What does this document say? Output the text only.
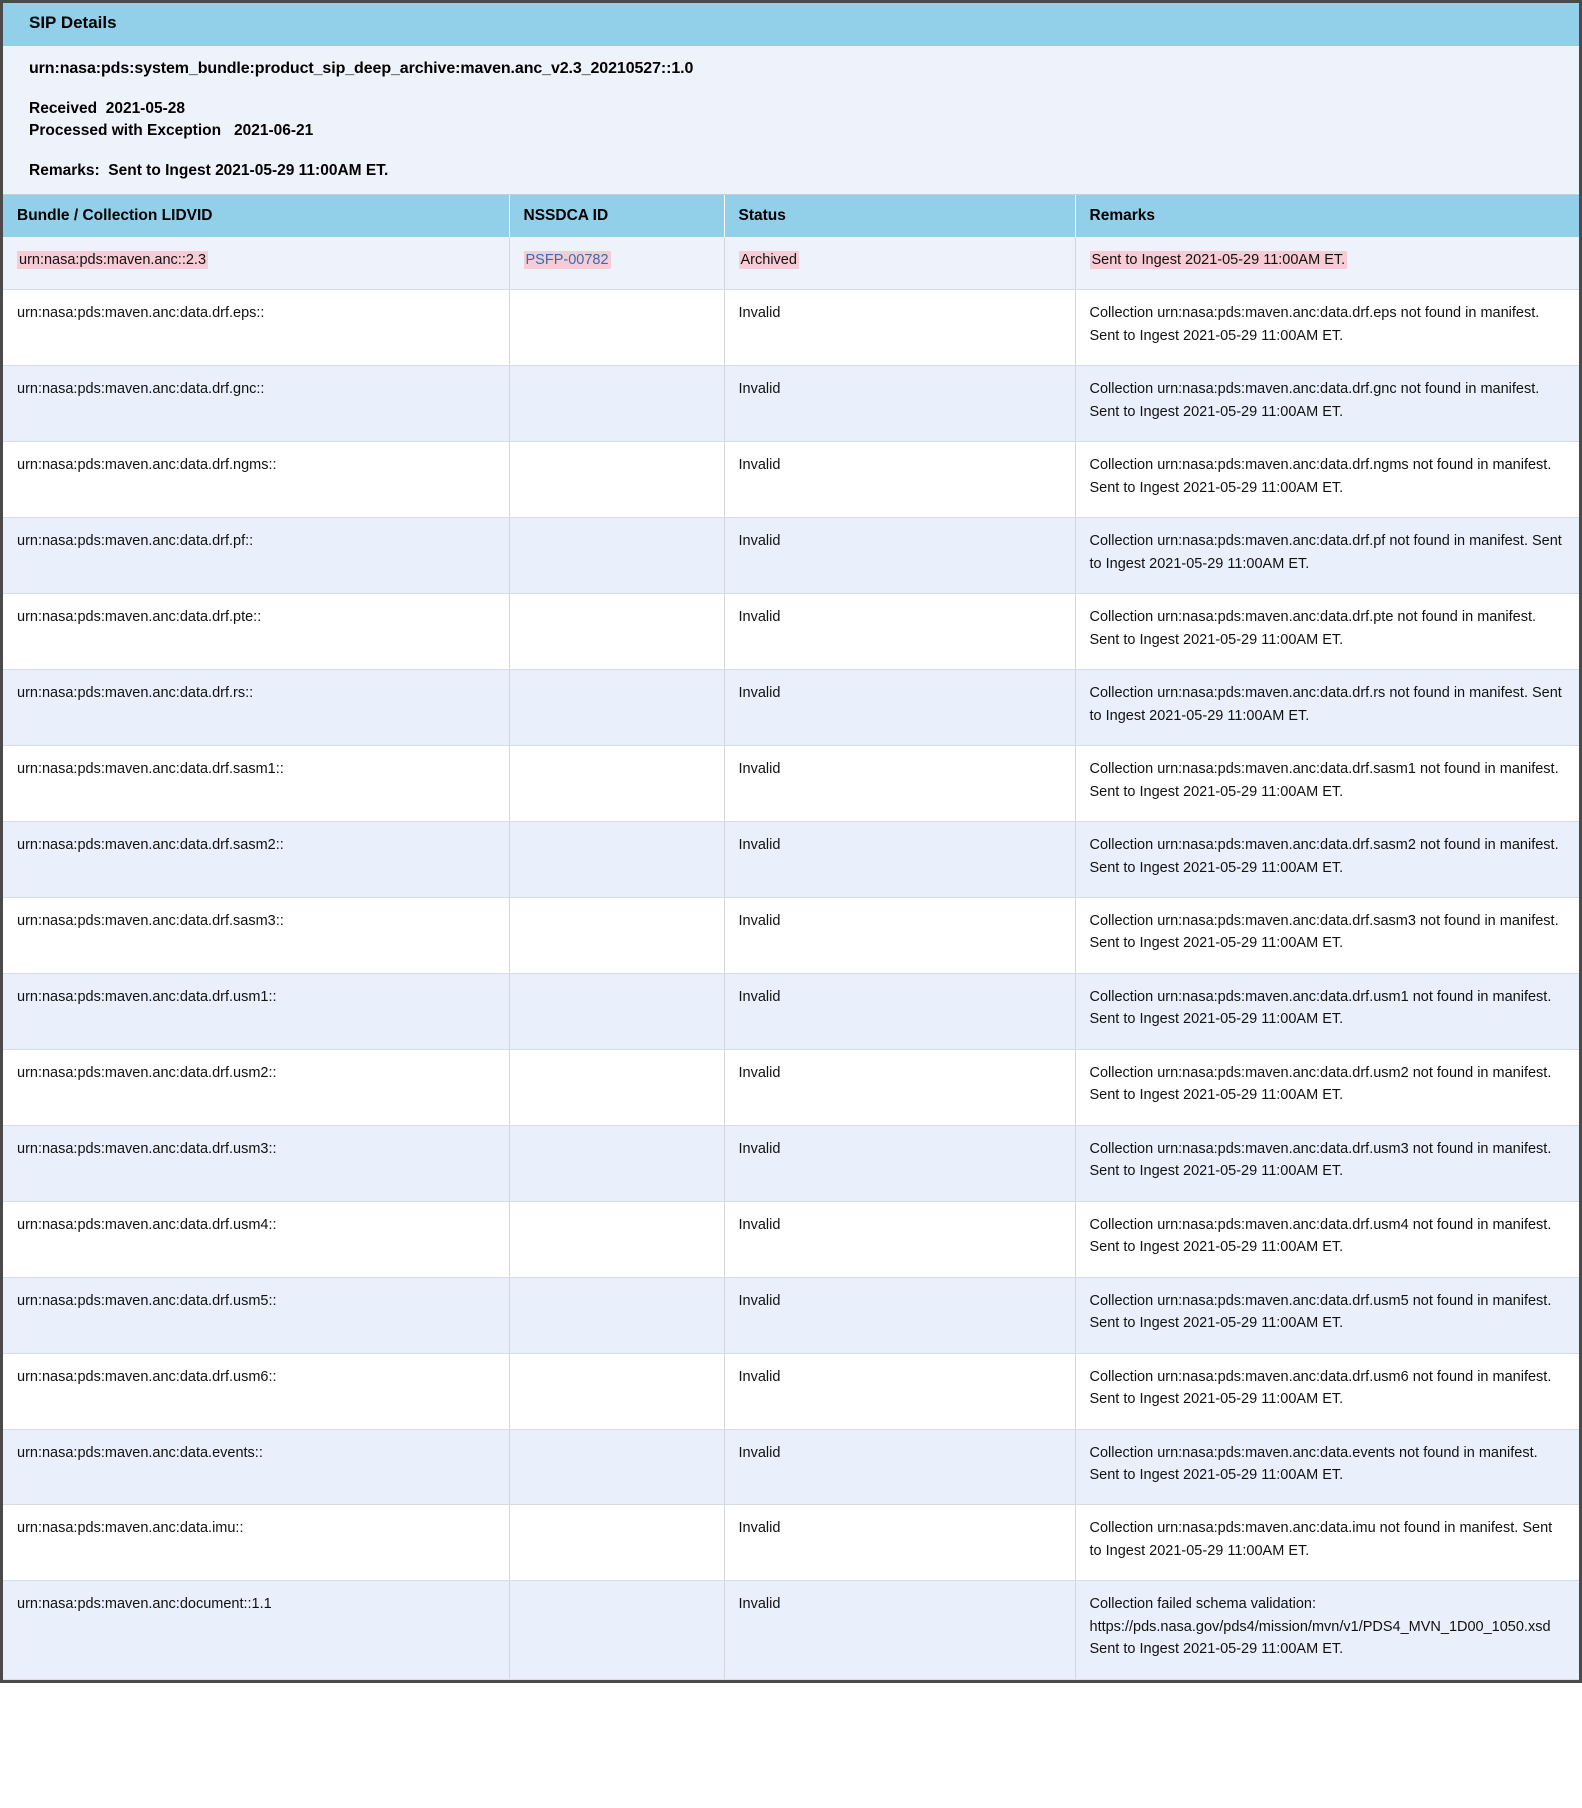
SIP Details
urn:nasa:pds:system_bundle:product_sip_deep_archive:maven.anc_v2.3_20210527::1.0
Received 2021-05-28
Processed with Exception 2021-06-21
Remarks: Sent to Ingest 2021-05-29 11:00AM ET.
Bundle / Collection LIDVID	NSSDCA ID	Status	Remarks
urn:nasa:pds:maven.anc::2.3	PSFP-00782	Archived	Sent to Ingest 2021-05-29 11:00AM ET.
urn:nasa:pds:maven.anc:data.drf.eps::		Invalid	Collection urn:nasa:pds:maven.anc:data.drf.eps not found in manifest. Sent to Ingest 2021-05-29 11:00AM ET.
urn:nasa:pds:maven.anc:data.drf.gnc::		Invalid	Collection urn:nasa:pds:maven.anc:data.drf.gnc not found in manifest. Sent to Ingest 2021-05-29 11:00AM ET.
urn:nasa:pds:maven.anc:data.drf.ngms::		Invalid	Collection urn:nasa:pds:maven.anc:data.drf.ngms not found in manifest. Sent to Ingest 2021-05-29 11:00AM ET.
urn:nasa:pds:maven.anc:data.drf.pf::		Invalid	Collection urn:nasa:pds:maven.anc:data.drf.pf not found in manifest. Sent to Ingest 2021-05-29 11:00AM ET.
urn:nasa:pds:maven.anc:data.drf.pte::		Invalid	Collection urn:nasa:pds:maven.anc:data.drf.pte not found in manifest. Sent to Ingest 2021-05-29 11:00AM ET.
urn:nasa:pds:maven.anc:data.drf.rs::		Invalid	Collection urn:nasa:pds:maven.anc:data.drf.rs not found in manifest. Sent to Ingest 2021-05-29 11:00AM ET.
urn:nasa:pds:maven.anc:data.drf.sasm1::		Invalid	Collection urn:nasa:pds:maven.anc:data.drf.sasm1 not found in manifest. Sent to Ingest 2021-05-29 11:00AM ET.
urn:nasa:pds:maven.anc:data.drf.sasm2::		Invalid	Collection urn:nasa:pds:maven.anc:data.drf.sasm2 not found in manifest. Sent to Ingest 2021-05-29 11:00AM ET.
urn:nasa:pds:maven.anc:data.drf.sasm3::		Invalid	Collection urn:nasa:pds:maven.anc:data.drf.sasm3 not found in manifest. Sent to Ingest 2021-05-29 11:00AM ET.
urn:nasa:pds:maven.anc:data.drf.usm1::		Invalid	Collection urn:nasa:pds:maven.anc:data.drf.usm1 not found in manifest. Sent to Ingest 2021-05-29 11:00AM ET.
urn:nasa:pds:maven.anc:data.drf.usm2::		Invalid	Collection urn:nasa:pds:maven.anc:data.drf.usm2 not found in manifest. Sent to Ingest 2021-05-29 11:00AM ET.
urn:nasa:pds:maven.anc:data.drf.usm3::		Invalid	Collection urn:nasa:pds:maven.anc:data.drf.usm3 not found in manifest. Sent to Ingest 2021-05-29 11:00AM ET.
urn:nasa:pds:maven.anc:data.drf.usm4::		Invalid	Collection urn:nasa:pds:maven.anc:data.drf.usm4 not found in manifest. Sent to Ingest 2021-05-29 11:00AM ET.
urn:nasa:pds:maven.anc:data.drf.usm5::		Invalid	Collection urn:nasa:pds:maven.anc:data.drf.usm5 not found in manifest. Sent to Ingest 2021-05-29 11:00AM ET.
urn:nasa:pds:maven.anc:data.drf.usm6::		Invalid	Collection urn:nasa:pds:maven.anc:data.drf.usm6 not found in manifest. Sent to Ingest 2021-05-29 11:00AM ET.
urn:nasa:pds:maven.anc:data.events::		Invalid	Collection urn:nasa:pds:maven.anc:data.events not found in manifest. Sent to Ingest 2021-05-29 11:00AM ET.
urn:nasa:pds:maven.anc:data.imu::		Invalid	Collection urn:nasa:pds:maven.anc:data.imu not found in manifest. Sent to Ingest 2021-05-29 11:00AM ET.
urn:nasa:pds:maven.anc:document::1.1		Invalid	Collection failed schema validation: https://pds.nasa.gov/pds4/mission/mvn/v1/PDS4_MVN_1D00_1050.xsd Sent to Ingest 2021-05-29 11:00AM ET.
